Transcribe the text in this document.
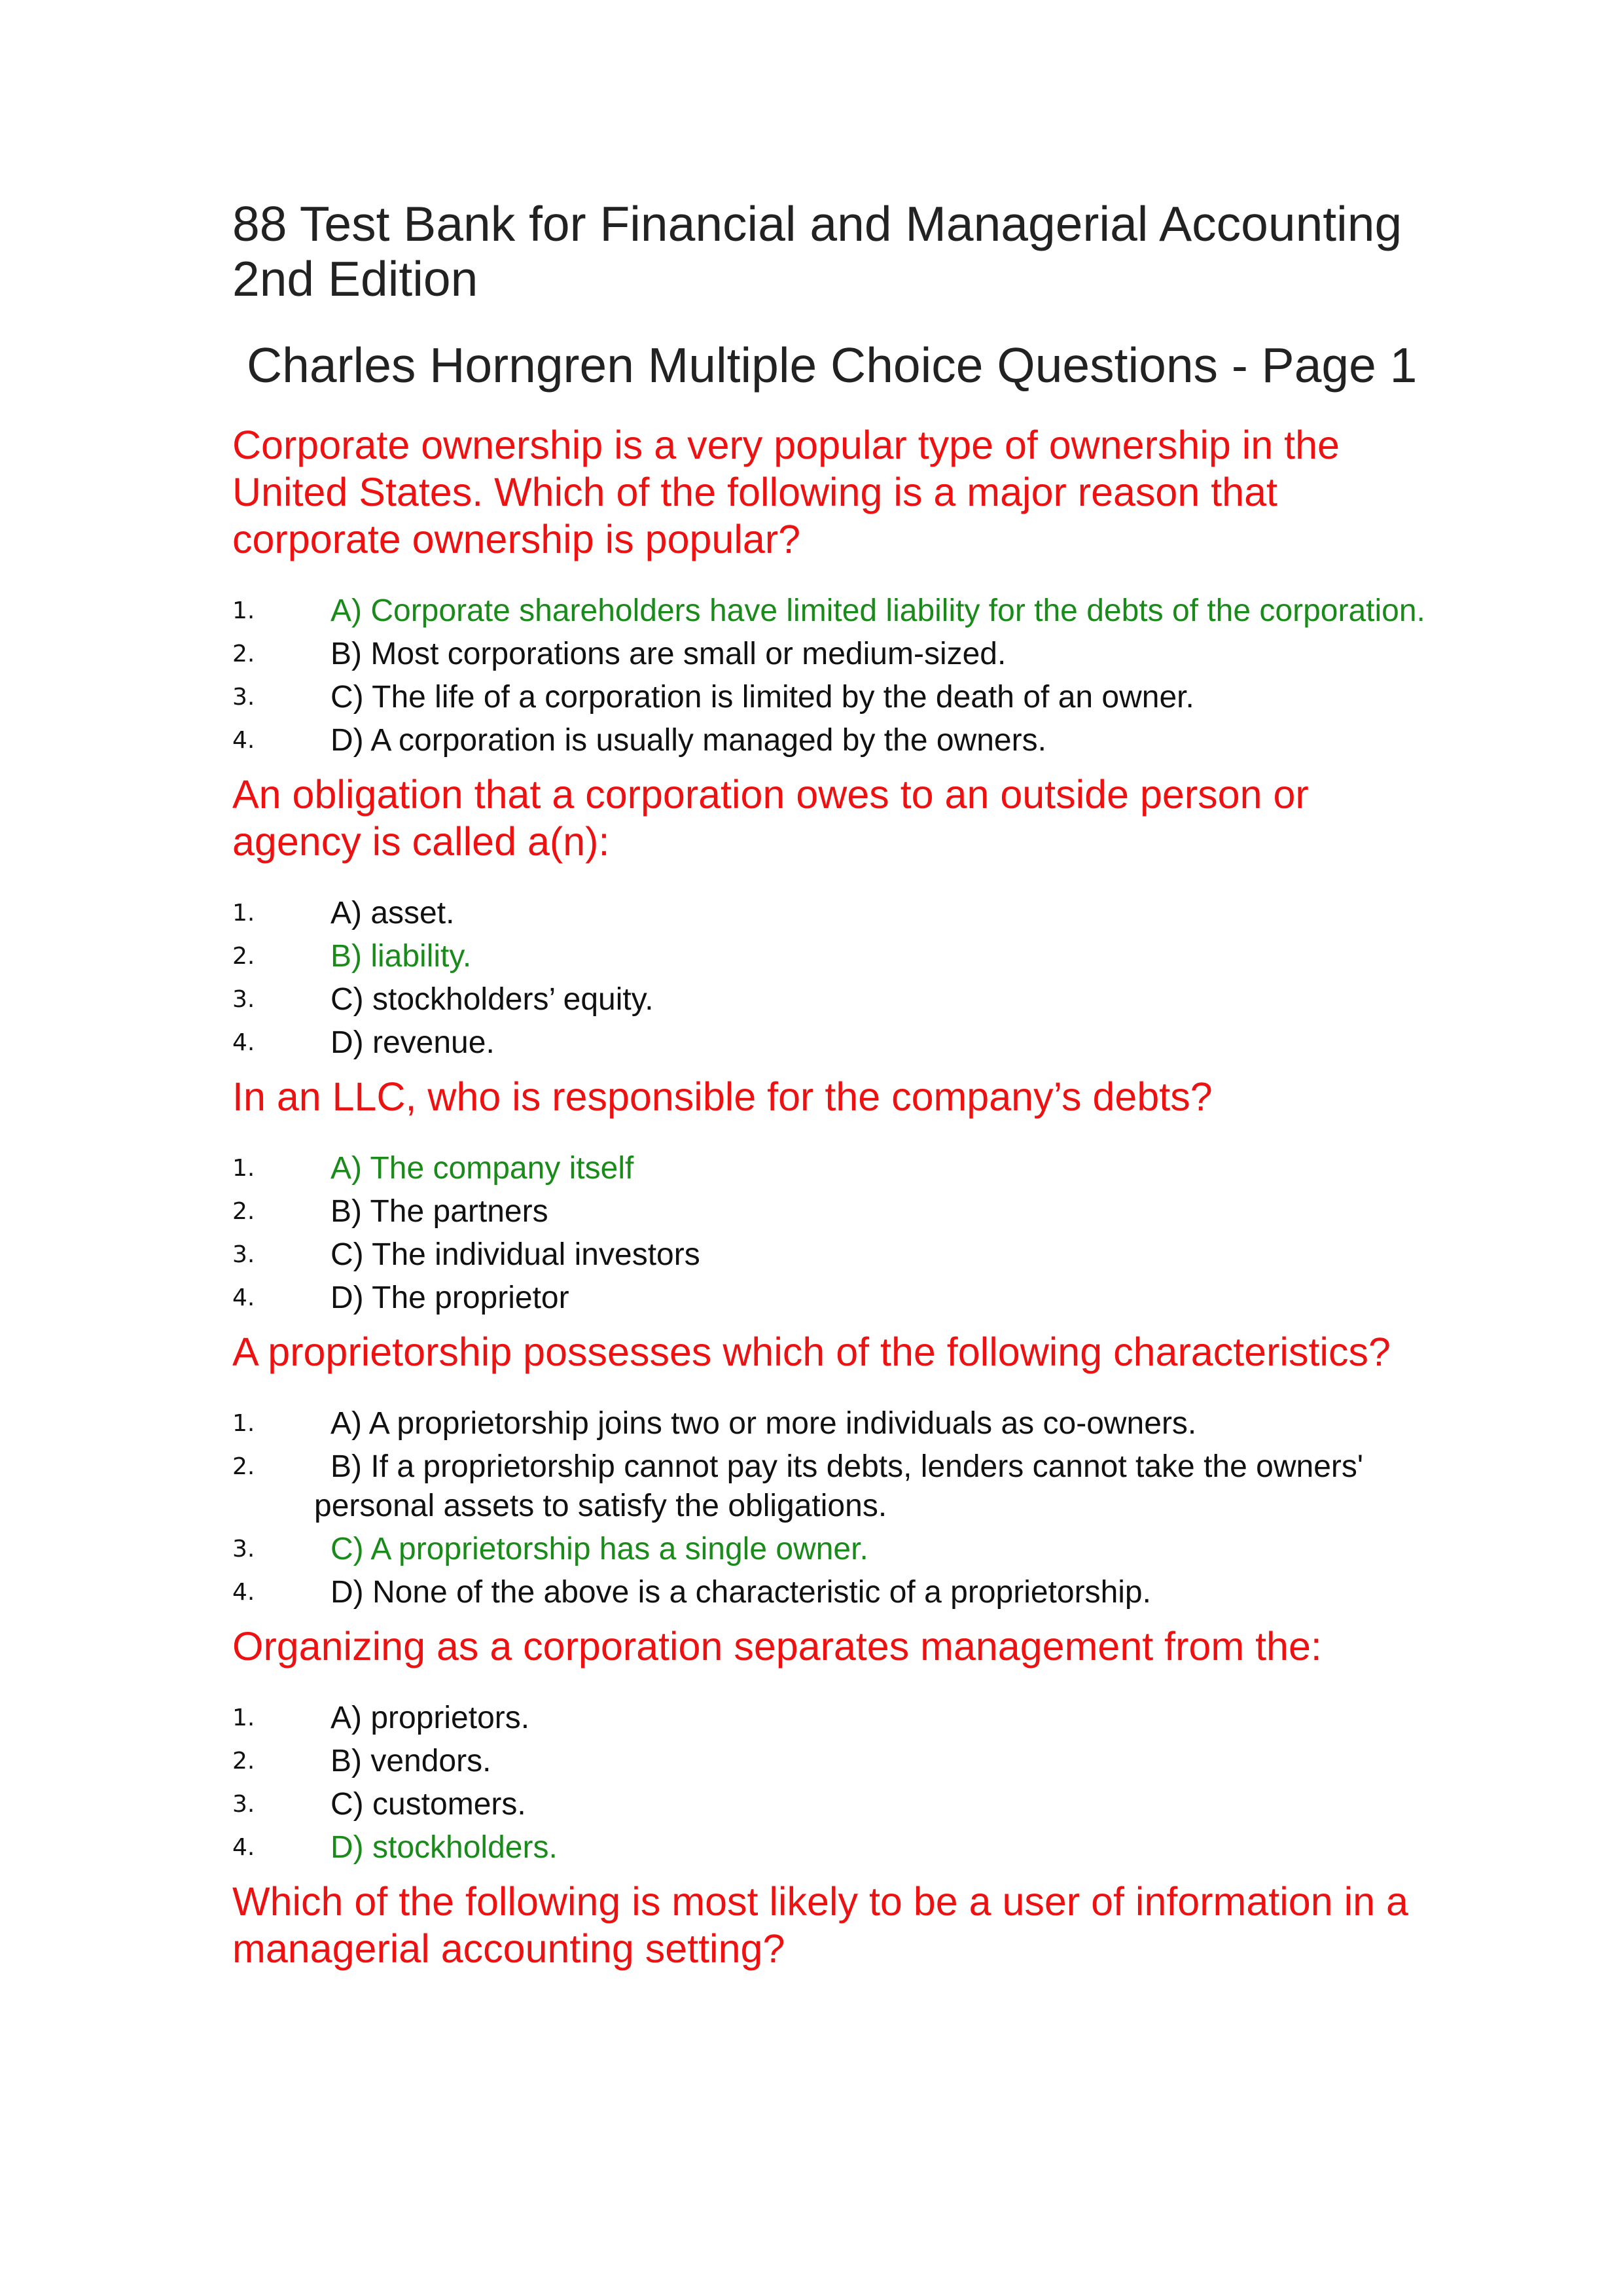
88 Test Bank for Financial and Managerial Accounting
2nd Edition
Charles Horngren Multiple Choice Questions - Page 1

Corporate ownership is a very popular type of ownership in the United States. Which of the following is a major reason that corporate ownership is popular?

1.	A) Corporate shareholders have limited liability for the debts of the corporation.
2.	B) Most corporations are small or medium-sized.
3.	C) The life of a corporation is limited by the death of an owner.
4.	D) A corporation is usually managed by the owners.

An obligation that a corporation owes to an outside person or agency is called a(n):

1.	A) asset.
2.	B) liability.
3.	C) stockholders’ equity.
4.	D) revenue.

In an LLC, who is responsible for the company’s debts?

1.	A) The company itself
2.	B) The partners
3.	C) The individual investors
4.	D) The proprietor

A proprietorship possesses which of the following characteristics?

1.	A) A proprietorship joins two or more individuals as co-owners.
2.	B) If a proprietorship cannot pay its debts, lenders cannot take the owners' personal assets to satisfy the obligations.
3.	C) A proprietorship has a single owner.
4.	D) None of the above is a characteristic of a proprietorship.

Organizing as a corporation separates management from the:

1.	A) proprietors.
2.	B) vendors.
3.	C) customers.
4.	D) stockholders.

Which of the following is most likely to be a user of information in a managerial accounting setting?
